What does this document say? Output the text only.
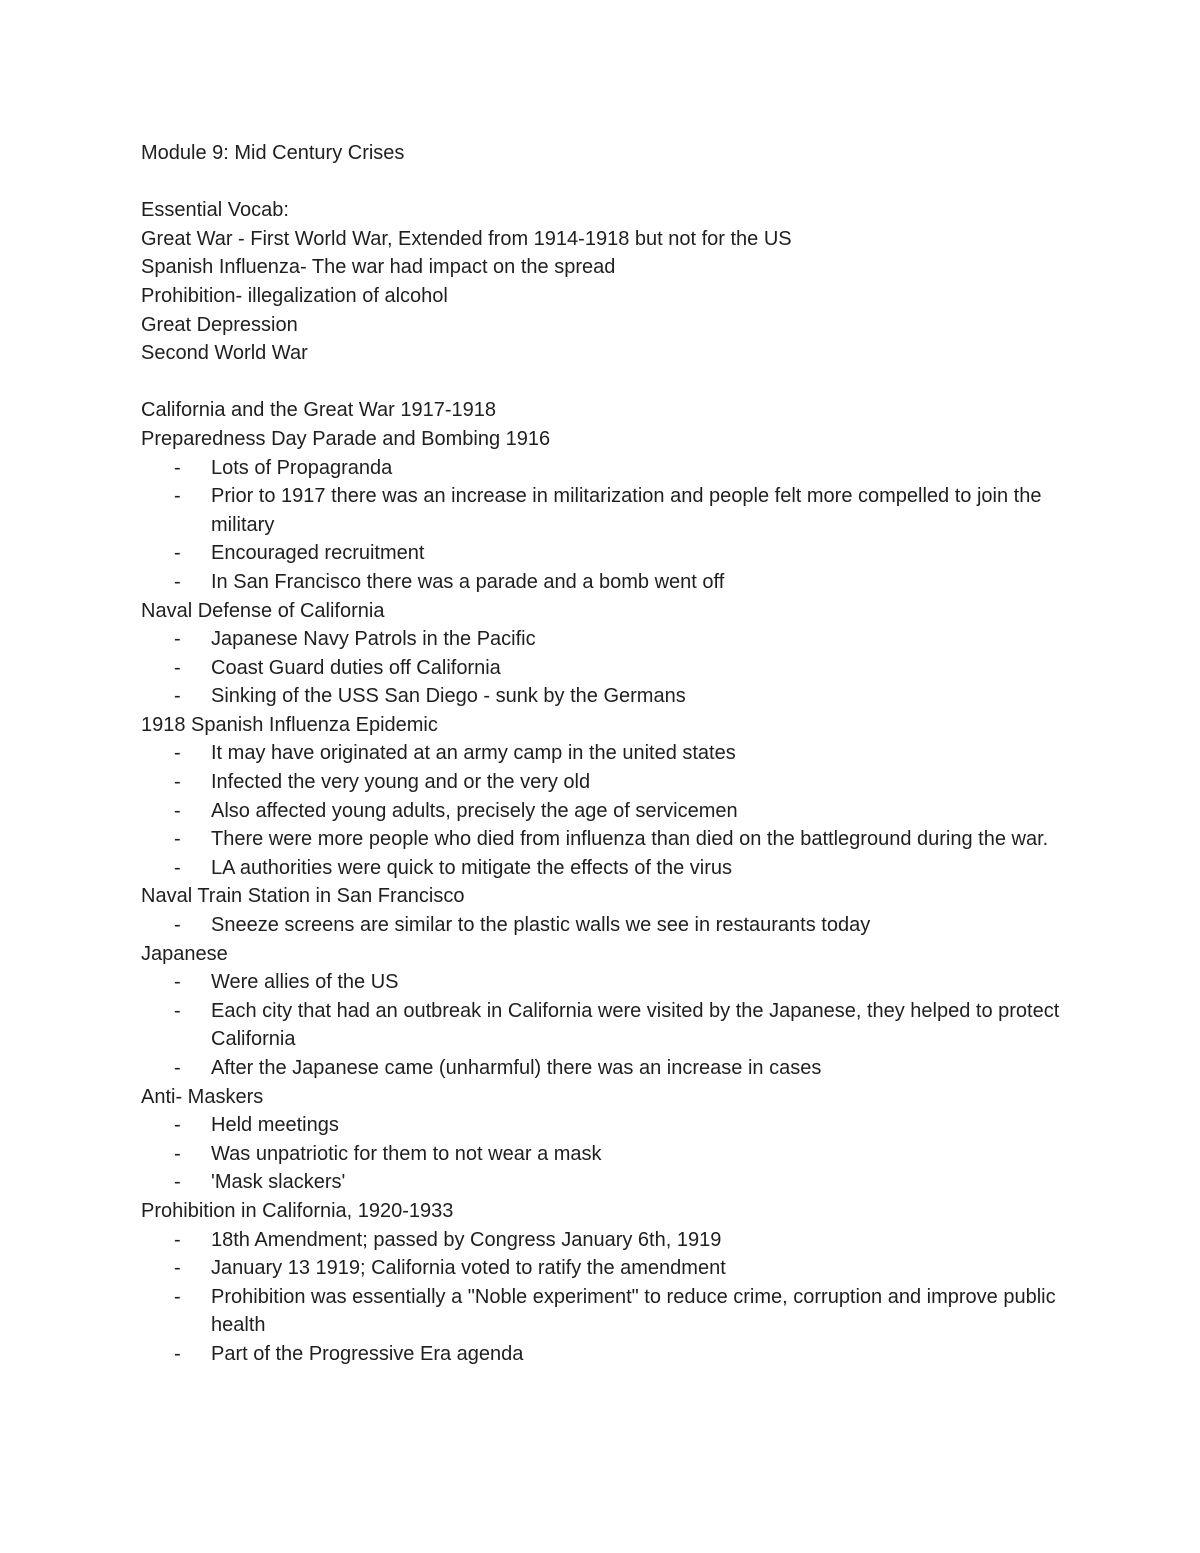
Module 9: Mid Century Crises

Essential Vocab:

Great War - First World War, Extended from 1914-1918 but not for the US

Spanish Influenza- The war had impact on the spread

Prohibition- illegalization of alcohol

Great Depression

Second World War

California and the Great War 1917-1918

Preparedness Day Parade and Bombing 1916

- Lots of Propagranda
- Prior to 1917 there was an increase in militarization and people felt more compelled to join the military
- Encouraged recruitment
- In San Francisco there was a parade and a bomb went off

Naval Defense of California

- Japanese Navy Patrols in the Pacific
- Coast Guard duties off California
- Sinking of the USS San Diego - sunk by the Germans

1918 Spanish Influenza Epidemic

- It may have originated at an army camp in the united states
- Infected the very young and or the very old
- Also affected young adults, precisely the age of servicemen
- There were more people who died from influenza than died on the battleground during the war.
- LA authorities were quick to mitigate the effects of the virus

Naval Train Station in San Francisco

- Sneeze screens are similar to the plastic walls we see in restaurants today

Japanese

- Were allies of the US
- Each city that had an outbreak in California were visited by the Japanese, they helped to protect California
- After the Japanese came (unharmful) there was an increase in cases

Anti- Maskers

- Held meetings
- Was unpatriotic for them to not wear a mask
- 'Mask slackers'

Prohibition in California, 1920-1933

- 18th Amendment; passed by Congress January 6th, 1919
- January 13 1919; California voted to ratify the amendment
- Prohibition was essentially a "Noble experiment" to reduce crime, corruption and improve public health
- Part of the Progressive Era agenda
